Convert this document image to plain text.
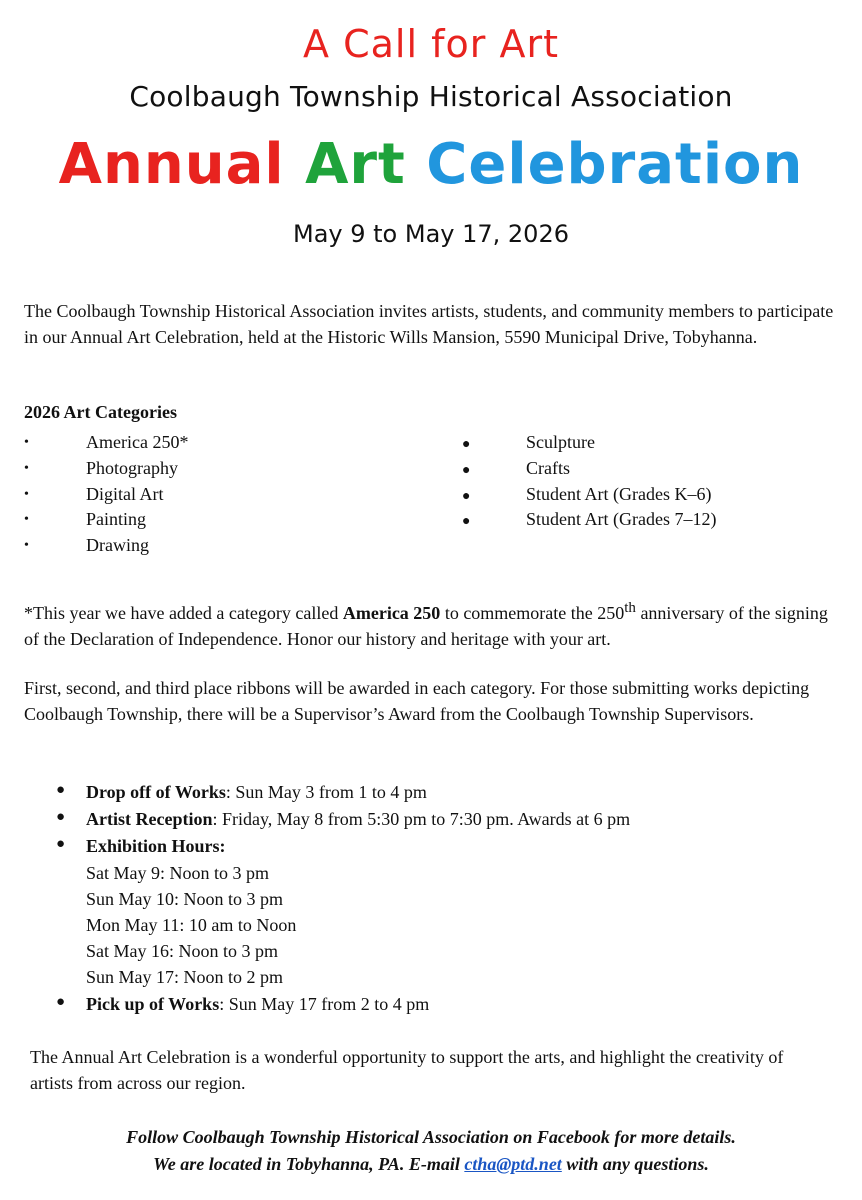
A Call for Art
Coolbaugh Township Historical Association
Annual Art Celebration
May 9 to May 17, 2026
The Coolbaugh Township Historical Association invites artists, students, and community members to participate in our Annual Art Celebration, held at the Historic Wills Mansion, 5590 Municipal Drive, Tobyhanna.
2026 Art Categories
•	America 250*
•	Photography
•	Digital Art
•	Painting
•	Drawing
●	Sculpture
●	Crafts
●	Student Art (Grades K–6)
●	Student Art (Grades 7–12)
*This year we have added a category called America 250 to commemorate the 250th anniversary of the signing of the Declaration of Independence. Honor our history and heritage with your art.
First, second, and third place ribbons will be awarded in each category. For those submitting works depicting Coolbaugh Township, there will be a Supervisor’s Award from the Coolbaugh Township Supervisors.
● Drop off of Works: Sun May 3 from 1 to 4 pm
● Artist Reception: Friday, May 8 from 5:30 pm to 7:30 pm. Awards at 6 pm
● Exhibition Hours:
Sat May 9: Noon to 3 pm
Sun May 10: Noon to 3 pm
Mon May 11: 10 am to Noon
Sat May 16: Noon to 3 pm
Sun May 17: Noon to 2 pm
● Pick up of Works: Sun May 17 from 2 to 4 pm
The Annual Art Celebration is a wonderful opportunity to support the arts, and highlight the creativity of artists from across our region.
Follow Coolbaugh Township Historical Association on Facebook for more details.
We are located in Tobyhanna, PA. E-mail ctha@ptd.net with any questions.
